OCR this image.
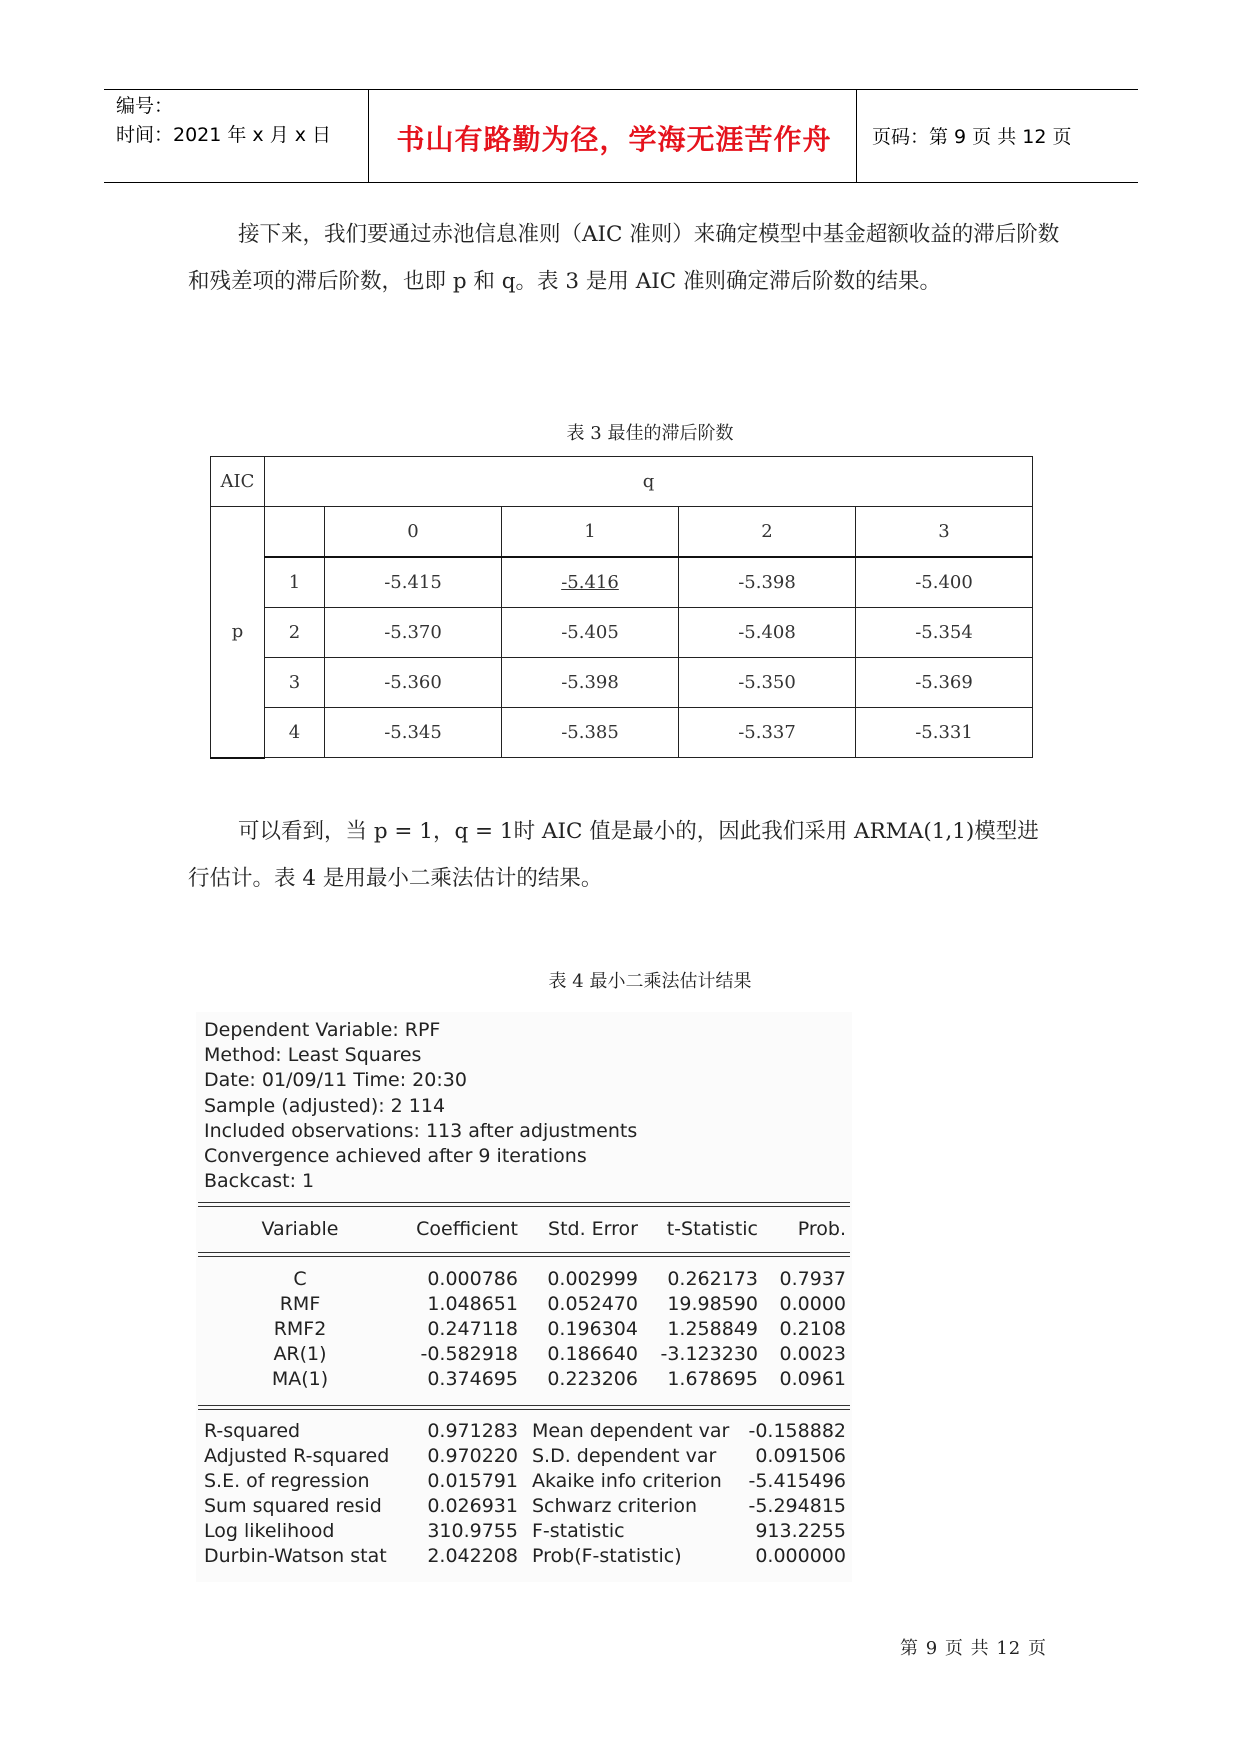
编号：
时间：2021 年 x 月 x 日	书山有路勤为径，学海无涯苦作舟	页码：第 9 页 共 12 页
接下来，我们要通过赤池信息准则（AIC 准则）来确定模型中基金超额收益的滞后阶数和残差项的滞后阶数，也即 p 和 q。表 3 是用 AIC 准则确定滞后阶数的结果。
表 3 最佳的滞后阶数
AIC	q				
p		0	1	2	3
	1	-5.415	-5.416	-5.398	-5.400
	2	-5.370	-5.405	-5.408	-5.354
	3	-5.360	-5.398	-5.350	-5.369
	4	-5.345	-5.385	-5.337	-5.331
可以看到，当 p = 1，q = 1时 AIC 值是最小的，因此我们采用 ARMA(1,1)模型进行估计。表 4 是用最小二乘法估计的结果。
表 4 最小二乘法估计结果
Dependent Variable: RPF
Method: Least Squares
Date: 01/09/11 Time: 20:30
Sample (adjusted): 2 114
Included observations: 113 after adjustments
Convergence achieved after 9 iterations
Backcast: 1
Variable	Coefficient	Std. Error	t-Statistic	Prob.
C	0.000786	0.002999	0.262173	0.7937
RMF	1.048651	0.052470	19.98590	0.0000
RMF2	0.247118	0.196304	1.258849	0.2108
AR(1)	-0.582918	0.186640	-3.123230	0.0023
MA(1)	0.374695	0.223206	1.678695	0.0961
R-squared	0.971283 Mean dependent var	-0.158882
Adjusted R-squared	0.970220 S.D. dependent var	0.091506
S.E. of regression	0.015791 Akaike info criterion	-5.415496
Sum squared resid	0.026931 Schwarz criterion	-5.294815
Log likelihood	310.9755 F-statistic	913.2255
Durbin-Watson stat	2.042208 Prob(F-statistic)	0.000000
第 9 页 共 12 页
